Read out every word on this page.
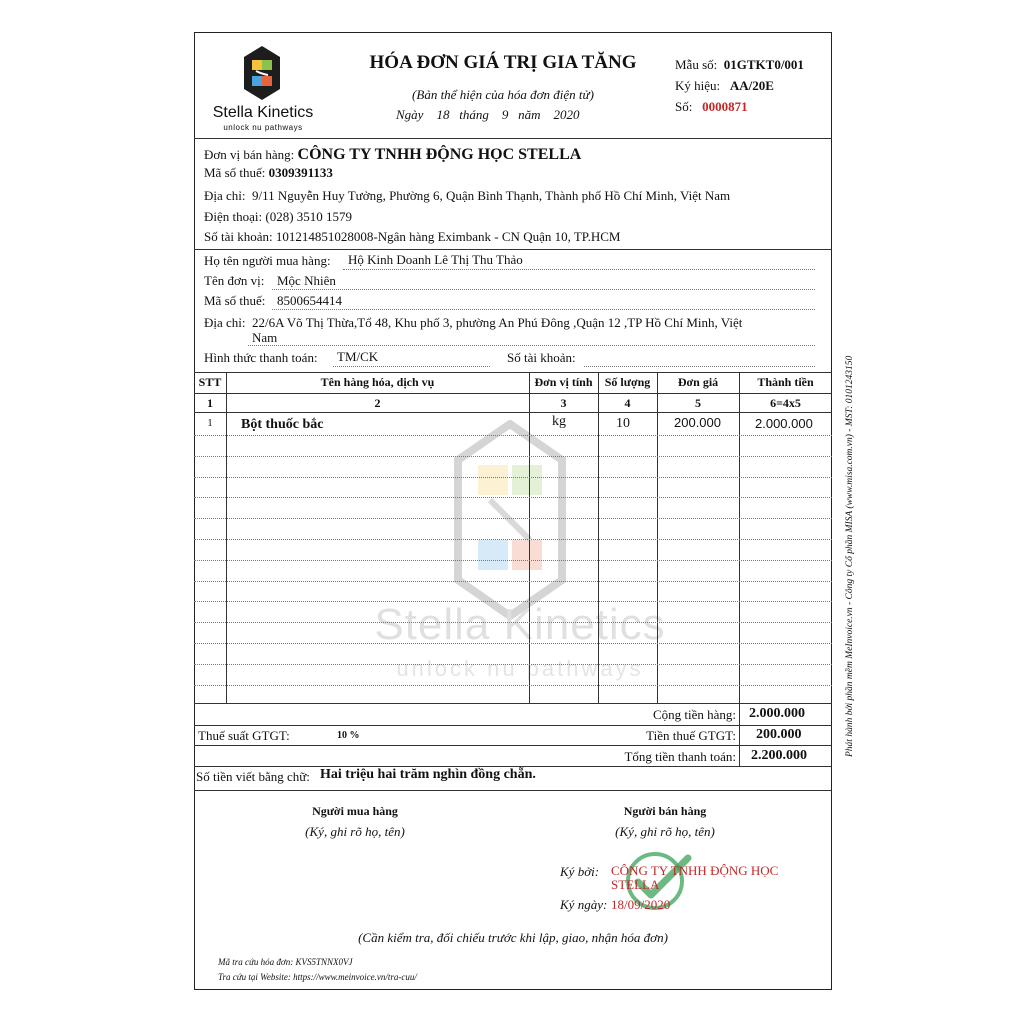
Stella Kinetics
unlock nu pathways
Stella Kinetics
unlock nu pathways
HÓA ĐƠN GIÁ TRỊ GIA TĂNG
(Bản thể hiện của hóa đơn điện tử)
Ngày 18 tháng 9 năm 2020
Mẫu số: 01GTKT0/001
Ký hiệu: AA/20E
Số: 0000871
Đơn vị bán hàng: CÔNG TY TNHH ĐỘNG HỌC STELLA
Mã số thuế: 0309391133
Địa chỉ: 9/11 Nguyễn Huy Tưởng, Phường 6, Quận Bình Thạnh, Thành phố Hồ Chí Minh, Việt Nam
Điện thoại: (028) 3510 1579
Số tài khoản: 101214851028008-Ngân hàng Eximbank - CN Quận 10, TP.HCM
Họ tên người mua hàng: Hộ Kinh Doanh Lê Thị Thu Thảo
Tên đơn vị: Mộc Nhiên
Mã số thuế: 8500654414
Địa chỉ: 22/6A Võ Thị Thừa,Tổ 48, Khu phố 3, phường An Phú Đông ,Quận 12 ,TP Hồ Chí Minh, Việt
Nam
Hình thức thanh toán: TM/CK	Số tài khoản:
STT	Tên hàng hóa, dịch vụ	Đơn vị tính	Số lượng	Đơn giá	Thành tiền
1	2	3	4	5	6=4x5
1	Bột thuốc bắc	kg	10	200.000	2.000.000
Cộng tiền hàng: 2.000.000
Thuế suất GTGT:	10 %	Tiền thuế GTGT: 200.000
Tổng tiền thanh toán: 2.200.000
Số tiền viết bằng chữ: Hai triệu hai trăm nghìn đồng chẵn.
Người mua hàng
(Ký, ghi rõ họ, tên)
Người bán hàng
(Ký, ghi rõ họ, tên)
Ký bởi: CÔNG TY TNHH ĐỘNG HỌC
STELLA
Ký ngày: 18/09/2020
(Cần kiểm tra, đối chiếu trước khi lập, giao, nhận hóa đơn)
Mã tra cứu hóa đơn: KVS5TNNX0VJ
Tra cứu tại Website: https://www.meinvoice.vn/tra-cuu/
Phát hành bởi phần mềm MeInvoice.vn - Công ty Cổ phần MISA (www.misa.com.vn) - MST: 0101243150
